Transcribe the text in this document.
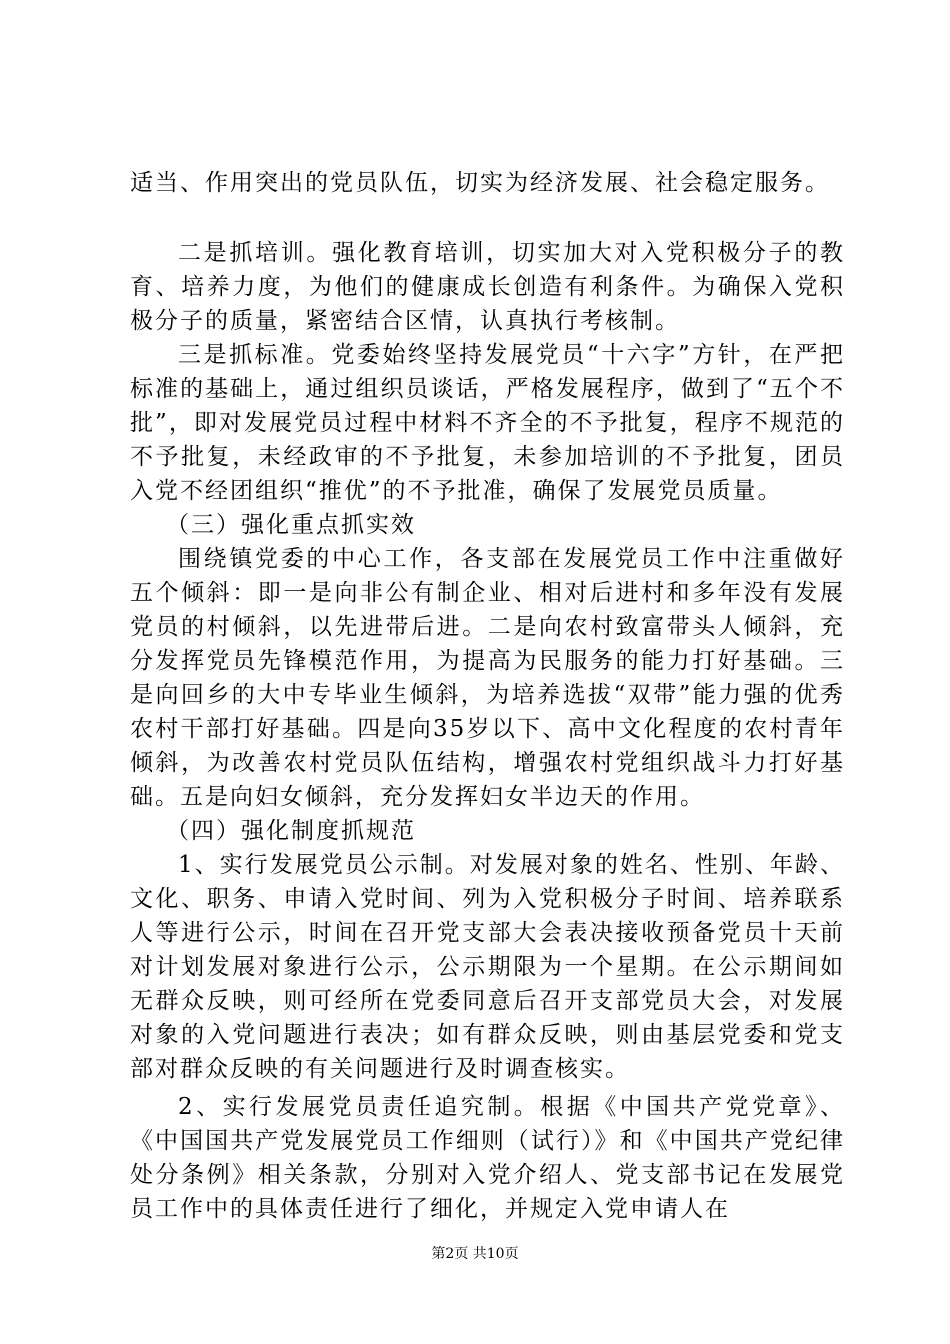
适当、作用突出的党员队伍，切实为经济发展、社会稳定服务。

二是抓培训。强化教育培训，切实加大对入党积极分子的教育、培养力度，为他们的健康成长创造有利条件。为确保入党积极分子的质量，紧密结合区情，认真执行考核制。

三是抓标准。党委始终坚持发展党员“十六字”方针，在严把标准的基础上，通过组织员谈话，严格发展程序，做到了“五个不批”，即对发展党员过程中材料不齐全的不予批复，程序不规范的不予批复，未经政审的不予批复，未参加培训的不予批复，团员入党不经团组织“推优”的不予批准，确保了发展党员质量。

（三）强化重点抓实效

围绕镇党委的中心工作，各支部在发展党员工作中注重做好五个倾斜：即一是向非公有制企业、相对后进村和多年没有发展党员的村倾斜，以先进带后进。二是向农村致富带头人倾斜，充分发挥党员先锋模范作用，为提高为民服务的能力打好基础。三是向回乡的大中专毕业生倾斜，为培养选拔“双带”能力强的优秀农村干部打好基础。四是向35岁以下、高中文化程度的农村青年倾斜，为改善农村党员队伍结构，增强农村党组织战斗力打好基础。五是向妇女倾斜，充分发挥妇女半边天的作用。

（四）强化制度抓规范

1、实行发展党员公示制。对发展对象的姓名、性别、年龄、文化、职务、申请入党时间、列为入党积极分子时间、培养联系人等进行公示，时间在召开党支部大会表决接收预备党员十天前对计划发展对象进行公示，公示期限为一个星期。在公示期间如无群众反映，则可经所在党委同意后召开支部党员大会，对发展对象的入党问题进行表决；如有群众反映，则由基层党委和党支部对群众反映的有关问题进行及时调查核实。

2、实行发展党员责任追究制。根据《中国共产党党章》、《中国国共产党发展党员工作细则（试行）》和《中国共产党纪律处分条例》相关条款，分别对入党介绍人、党支部书记在发展党员工作中的具体责任进行了细化，并规定入党申请人在

第2页 共10页
